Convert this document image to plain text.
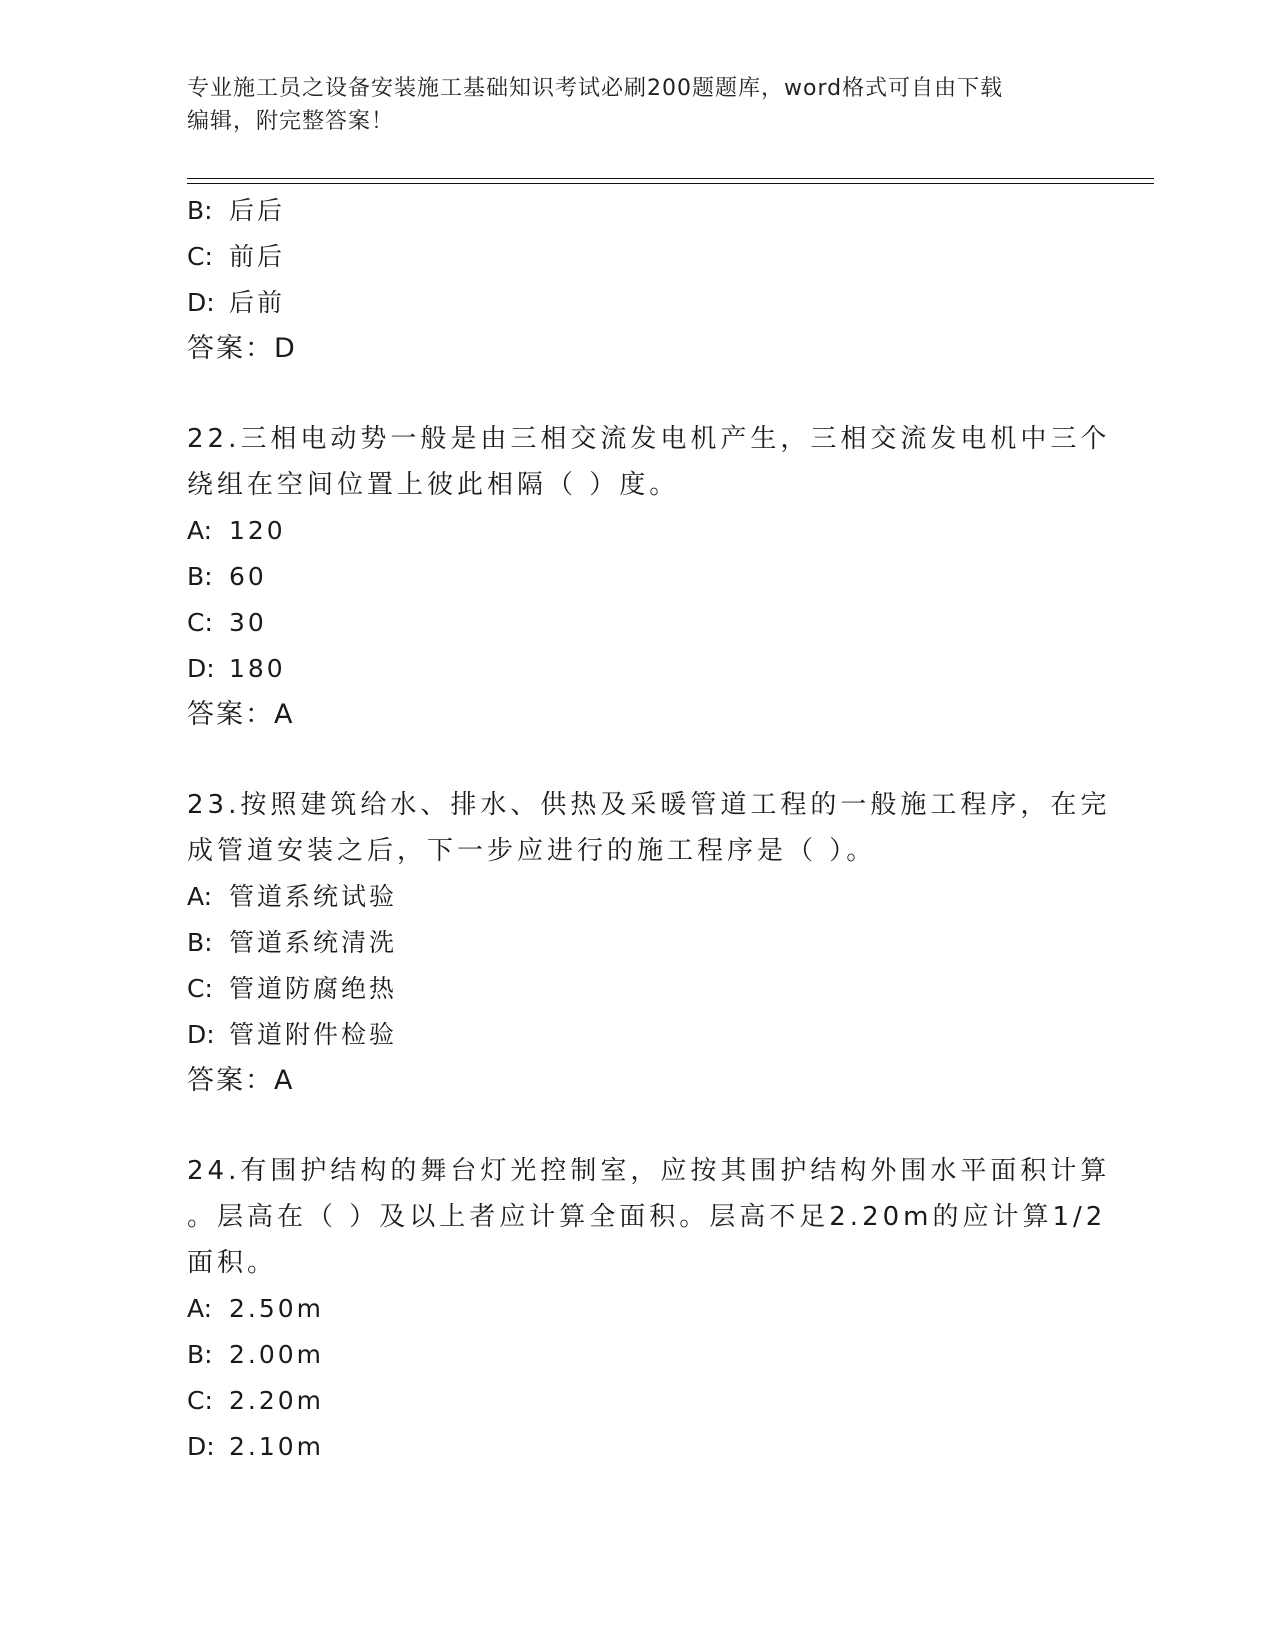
专业施工员之设备安装施工基础知识考试必刷200题题库，word格式可自由下载
编辑，附完整答案！
B: 后后
C: 前后
D: 后前
答案：D
22.三相电动势一般是由三相交流发电机产生，三相交流发电机中三个
绕组在空间位置上彼此相隔（ ）度。
A: 120
B: 60
C: 30
D: 180
答案：A
23.按照建筑给水、排水、供热及采暖管道工程的一般施工程序，在完
成管道安装之后，下一步应进行的施工程序是（ ）。
A: 管道系统试验
B: 管道系统清洗
C: 管道防腐绝热
D: 管道附件检验
答案：A
24.有围护结构的舞台灯光控制室，应按其围护结构外围水平面积计算
。层高在（ ）及以上者应计算全面积。层高不足2.20m的应计算1/2
面积。
A: 2.50m
B: 2.00m
C: 2.20m
D: 2.10m
